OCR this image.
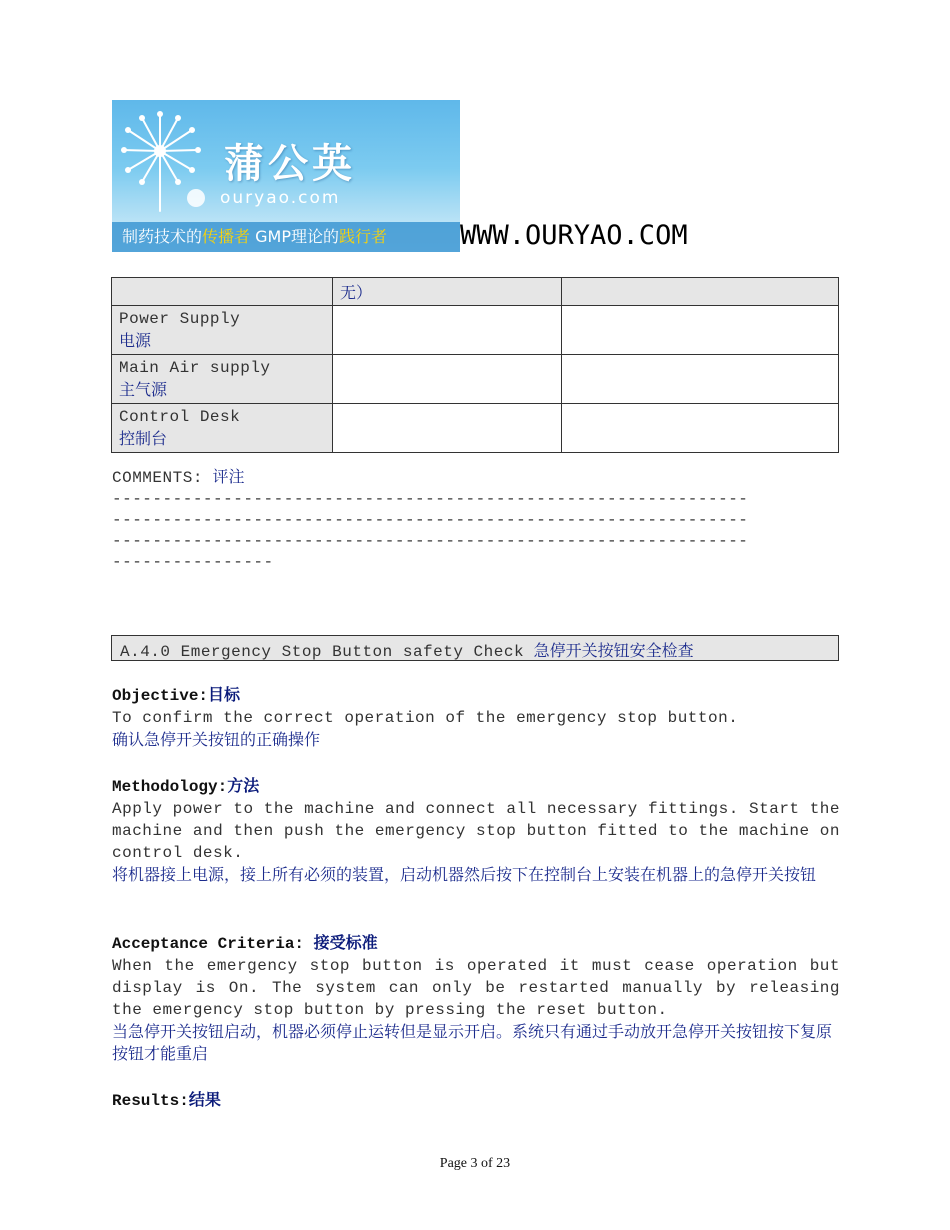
蒲公英
ouryao.com
制药技术的传播者 GMP理论的践行者	WWW.OURYAO.COM
	无）	

Power Supply
电源		

Main Air supply
主气源		

Control Desk
控制台		

COMMENTS: 评注
---------------------------------------------------------------
---------------------------------------------------------------
---------------------------------------------------------------
----------------
A.4.0 Emergency Stop Button safety Check 急停开关按钮安全检查
Objective:目标
To confirm the correct operation of the emergency stop button.
确认急停开关按钮的正确操作
Methodology:方法
Apply power to the machine and connect all necessary fittings. Start the machine and then push the emergency stop button fitted to the machine on control desk.
将机器接上电源，接上所有必须的装置，启动机器然后按下在控制台上安装在机器上的急停开关按钮
Acceptance Criteria: 接受标准
When the emergency stop button is operated it must cease operation but display is On. The system can only be restarted manually by releasing the emergency stop button by pressing the reset button.
当急停开关按钮启动，机器必须停止运转但是显示开启。系统只有通过手动放开急停开关按钮按下复原按钮才能重启
Results:结果
Page 3 of 23
